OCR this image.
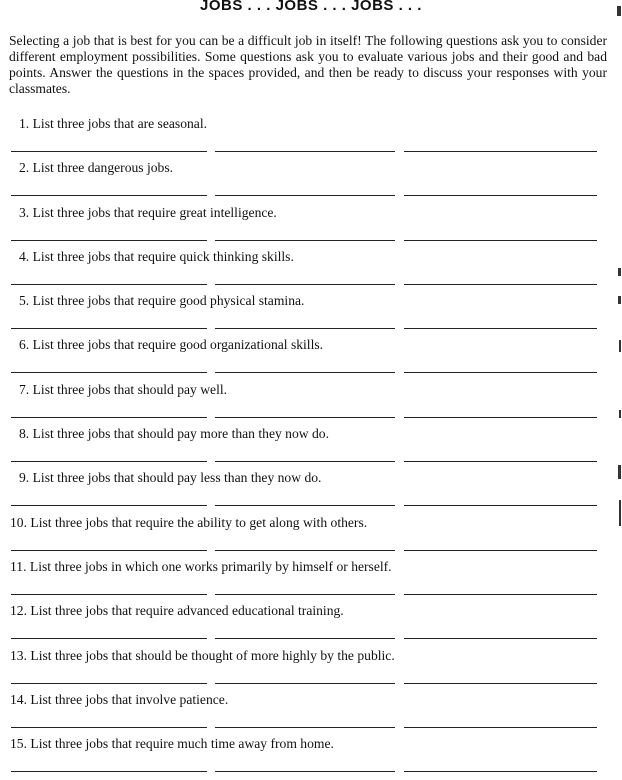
JOBS . . . JOBS . . . JOBS . . .

Selecting a job that is best for you can be a difficult job in itself! The following questions ask you to consider different employment possibilities. Some questions ask you to evaluate various jobs and their good and bad points. Answer the questions in the spaces provided, and then be ready to discuss your responses with your classmates.

1. List three jobs that are seasonal.
2. List three dangerous jobs.
3. List three jobs that require great intelligence.
4. List three jobs that require quick thinking skills.
5. List three jobs that require good physical stamina.
6. List three jobs that require good organizational skills.
7. List three jobs that should pay well.
8. List three jobs that should pay more than they now do.
9. List three jobs that should pay less than they now do.
10. List three jobs that require the ability to get along with others.
11. List three jobs in which one works primarily by himself or herself.
12. List three jobs that require advanced educational training.
13. List three jobs that should be thought of more highly by the public.
14. List three jobs that involve patience.
15. List three jobs that require much time away from home.
